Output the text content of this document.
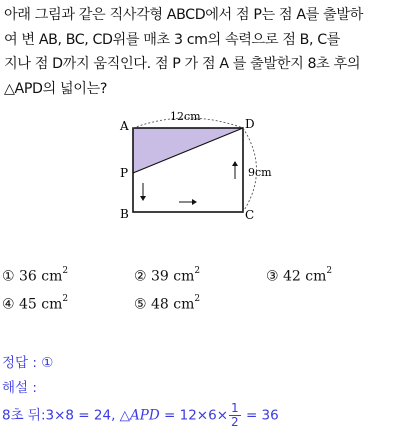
아래 그림과 같은 직사각형 ABCD에서 점 P는 점 A를 출발하
여 변 AB, BC, CD위를 매초 3 cm의 속력으로 점 B, C를
지나 점 D까지 움직인다. 점 P 가 점 A 를 출발한지 8초 후의
△APD의 넓이는?
A	D
P
B	C
12cm
9cm
① 36 $cm^2$	② 39 $cm^2$	③ 42 $cm^2$
④ 45 $cm^2$	⑤ 48 $cm^2$
정답 : ①
해설 :
8초 뒤:3×8 = 24, △APD = $12\times 6\times \frac{1}{2} = 36$
